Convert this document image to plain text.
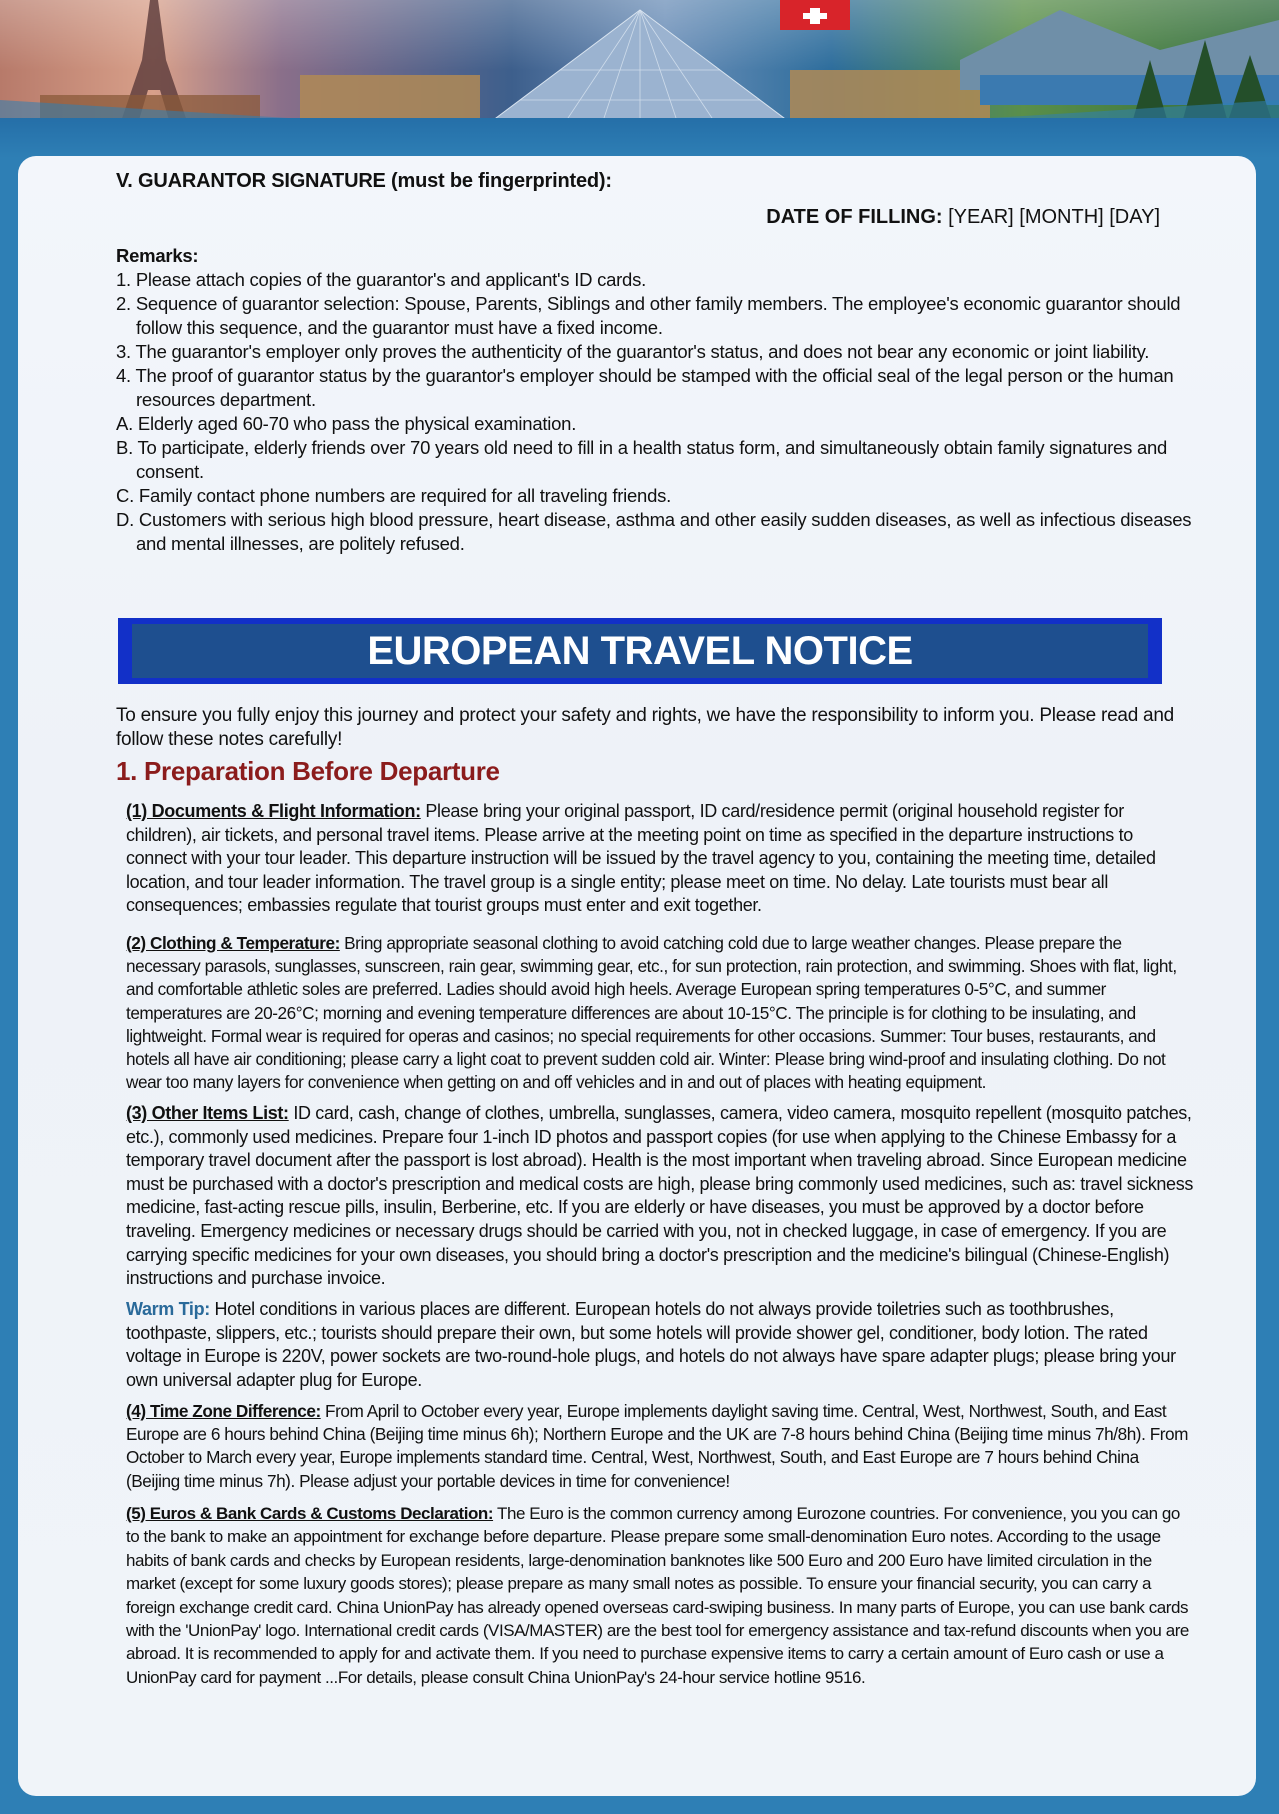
V. GUARANTOR SIGNATURE (must be fingerprinted):
DATE OF FILLING: [YEAR] [MONTH] [DAY]
Remarks:
1. Please attach copies of the guarantor's and applicant's ID cards.
2. Sequence of guarantor selection: Spouse, Parents, Siblings and other family members. The employee's economic guarantor should follow this sequence, and the guarantor must have a fixed income.
3. The guarantor's employer only proves the authenticity of the guarantor's status, and does not bear any economic or joint liability.
4. The proof of guarantor status by the guarantor's employer should be stamped with the official seal of the legal person or the human resources department.
A. Elderly aged 60-70 who pass the physical examination.
B. To participate, elderly friends over 70 years old need to fill in a health status form, and simultaneously obtain family signatures and consent.
C. Family contact phone numbers are required for all traveling friends.
D. Customers with serious high blood pressure, heart disease, asthma and other easily sudden diseases, as well as infectious diseases and mental illnesses, are politely refused.
EUROPEAN TRAVEL NOTICE
To ensure you fully enjoy this journey and protect your safety and rights, we have the responsibility to inform you. Please read and follow these notes carefully!
1. Preparation Before Departure
(1) Documents & Flight Information: Please bring your original passport, ID card/residence permit (original household register for children), air tickets, and personal travel items. Please arrive at the meeting point on time as specified in the departure instructions to connect with your tour leader. This departure instruction will be issued by the travel agency to you, containing the meeting time, detailed location, and tour leader information. The travel group is a single entity; please meet on time. No delay. Late tourists must bear all consequences; embassies regulate that tourist groups must enter and exit together.
(2) Clothing & Temperature: Bring appropriate seasonal clothing to avoid catching cold due to large weather changes. Please prepare the necessary parasols, sunglasses, sunscreen, rain gear, swimming gear, etc., for sun protection, rain protection, and swimming. Shoes with flat, light, and comfortable athletic soles are preferred. Ladies should avoid high heels. Average European spring temperatures 0-5°C, and summer temperatures are 20-26°C; morning and evening temperature differences are about 10-15°C. The principle is for clothing to be insulating, and lightweight. Formal wear is required for operas and casinos; no special requirements for other occasions. Summer: Tour buses, restaurants, and hotels all have air conditioning; please carry a light coat to prevent sudden cold air. Winter: Please bring wind-proof and insulating clothing. Do not wear too many layers for convenience when getting on and off vehicles and in and out of places with heating equipment.
(3) Other Items List: ID card, cash, change of clothes, umbrella, sunglasses, camera, video camera, mosquito repellent (mosquito patches, etc.), commonly used medicines. Prepare four 1-inch ID photos and passport copies (for use when applying to the Chinese Embassy for a temporary travel document after the passport is lost abroad). Health is the most important when traveling abroad. Since European medicine must be purchased with a doctor's prescription and medical costs are high, please bring commonly used medicines, such as: travel sickness medicine, fast-acting rescue pills, insulin, Berberine, etc. If you are elderly or have diseases, you must be approved by a doctor before traveling. Emergency medicines or necessary drugs should be carried with you, not in checked luggage, in case of emergency. If you are carrying specific medicines for your own diseases, you should bring a doctor's prescription and the medicine's bilingual (Chinese-English) instructions and purchase invoice.
Warm Tip: Hotel conditions in various places are different. European hotels do not always provide toiletries such as toothbrushes, toothpaste, slippers, etc.; tourists should prepare their own, but some hotels will provide shower gel, conditioner, body lotion. The rated voltage in Europe is 220V, power sockets are two-round-hole plugs, and hotels do not always have spare adapter plugs; please bring your own universal adapter plug for Europe.
(4) Time Zone Difference: From April to October every year, Europe implements daylight saving time. Central, West, Northwest, South, and East Europe are 6 hours behind China (Beijing time minus 6h); Northern Europe and the UK are 7-8 hours behind China (Beijing time minus 7h/8h). From October to March every year, Europe implements standard time. Central, West, Northwest, South, and East Europe are 7 hours behind China (Beijing time minus 7h). Please adjust your portable devices in time for convenience!
(5) Euros & Bank Cards & Customs Declaration: The Euro is the common currency among Eurozone countries. For convenience, you you can go to the bank to make an appointment for exchange before departure. Please prepare some small-denomination Euro notes. According to the usage habits of bank cards and checks by European residents, large-denomination banknotes like 500 Euro and 200 Euro have limited circulation in the market (except for some luxury goods stores); please prepare as many small notes as possible. To ensure your financial security, you can carry a foreign exchange credit card. China UnionPay has already opened overseas card-swiping business. In many parts of Europe, you can use bank cards with the 'UnionPay' logo. International credit cards (VISA/MASTER) are the best tool for emergency assistance and tax-refund discounts when you are abroad. It is recommended to apply for and activate them. If you need to purchase expensive items to carry a certain amount of Euro cash or use a UnionPay card for payment ...For details, please consult China UnionPay's 24-hour service hotline 9516.
